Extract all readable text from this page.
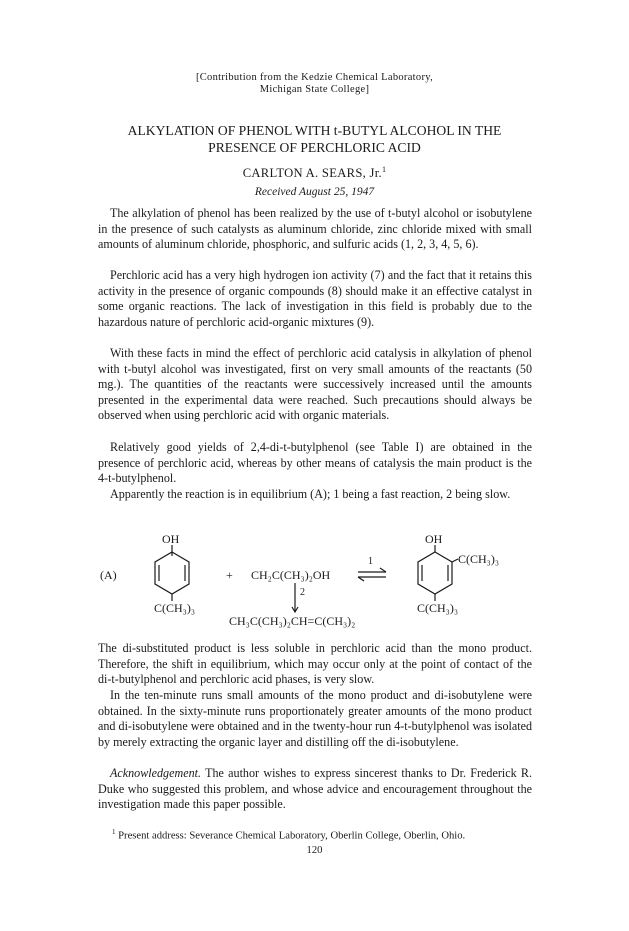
[Contribution from the Kedzie Chemical Laboratory,
Michigan State College]
ALKYLATION OF PHENOL WITH t-BUTYL ALCOHOL IN THE
PRESENCE OF PERCHLORIC ACID
CARLTON A. SEARS, Jr.$^1$
Received August 25, 1947

The alkylation of phenol has been realized by the use of t-butyl alcohol or isobutylene in the presence of such catalysts as aluminum chloride, zinc chloride mixed with small amounts of aluminum chloride, phosphoric, and sulfuric acids (1, 2, 3, 4, 5, 6).

Perchloric acid has a very high hydrogen ion activity (7) and the fact that it retains this activity in the presence of organic compounds (8) should make it an effective catalyst in some organic reactions. The lack of investigation in this field is probably due to the hazardous nature of perchloric acid-organic mixtures (9).

With these facts in mind the effect of perchloric acid catalysis in alkylation of phenol with t-butyl alcohol was investigated, first on very small amounts of the reactants (50 mg.). The quantities of the reactants were successively increased until the amounts presented in the experimental data were reached. Such precautions should always be observed when using perchloric acid with organic materials.

Relatively good yields of 2,4-di-t-butylphenol (see Table I) are obtained in the presence of perchloric acid, whereas by other means of catalysis the main product is the 4-t-butylphenol.

Apparently the reaction is in equilibrium (A); 1 being a fast reaction, 2 being slow.

(A)
OH
C(CH₃)₃
+ CH₂C(CH₃)₂OH
1
2
CH₃C(CH₃)₂CH=C(CH₃)₂
OH
C(CH₃)₃
C(CH₃)₃

The di-substituted product is less soluble in perchloric acid than the mono product. Therefore, the shift in equilibrium, which may occur only at the point of contact of the di-t-butylphenol and perchloric acid phases, is very slow.

In the ten-minute runs small amounts of the mono product and di-isobutylene were obtained. In the sixty-minute runs proportionately greater amounts of the mono product and di-isobutylene were obtained and in the twenty-hour run 4-t-butylphenol was isolated by merely extracting the organic layer and distilling off the di-isobutylene.

Acknowledgement. The author wishes to express sincerest thanks to Dr. Frederick R. Duke who suggested this problem, and whose advice and encouragement throughout the investigation made this paper possible.

$^1$ Present address: Severance Chemical Laboratory, Oberlin College, Oberlin, Ohio.
120
